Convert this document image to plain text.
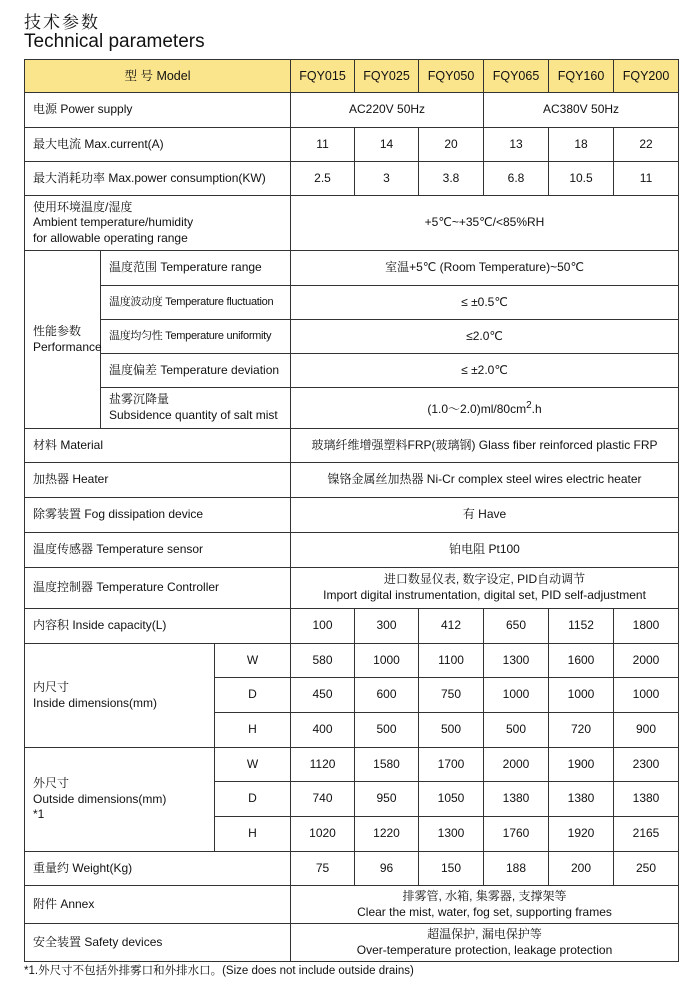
技术参数
Technical parameters
型 号 Model			FQY015	FQY025	FQY050	FQY065	FQY160	FQY200
电源 Power supply			AC220V 50Hz			AC380V 50Hz		
最大电流 Max.current(A)			11	14	20	13	18	22
最大消耗功率 Max.power consumption(KW)			2.5	3	3.8	6.8	10.5	11

使用环境温度/湿度
Ambient temperature/humidity
for allowable operating range			+5℃~+35℃/<85%RH					

性能参数
Performance	温度范围 Temperature range		室温+5℃ (Room Temperature)~50℃					
	温度波动度 Temperature fluctuation		≤ ±0.5℃					
	温度均匀性 Temperature uniformity		≤2.0℃					
	温度偏差 Temperature deviation		≤ ±2.0℃					

	盐雾沉降量
Subsidence quantity of salt mist		$(1.0\sim 2.0)ml/80cm^2.h$					
材料 Material			玻璃纤维增强塑料FRP(玻璃钢) Glass fiber reinforced plastic FRP					
加热器 Heater			镍铬金属丝加热器 Ni-Cr complex steel wires electric heater					
除雾装置 Fog dissipation device			有 Have					
温度传感器 Temperature sensor			铂电阻 Pt100					
温度控制器 Temperature Controller			进口数显仪表, 数字设定, PID自动调节
Import digital instrumentation, digital set, PID self-adjustment					

内容积 Inside capacity(L)			100	300	412	650	1152	1800

内尺寸
Inside dimensions(mm)		W	580	1000	1100	1300	1600	2000
		D	450	600	750	1000	1000	1000
		H	400	500	500	500	720	900

外尺寸
Outside dimensions(mm)
*1		W	1120	1580	1700	2000	1900	2300
		D	740	950	1050	1380	1380	1380
		H	1020	1220	1300	1760	1920	2165
重量约 Weight(Kg)			75	96	150	188	200	250
附件 Annex			排雾管, 水箱, 集雾器, 支撑架等
Clear the mist, water, fog set, supporting frames					

安全装置 Safety devices			超温保护, 漏电保护等
Over-temperature protection, leakage protection					
*1.外尺寸不包括外排雾口和外排水口。(Size does not include outside drains)
